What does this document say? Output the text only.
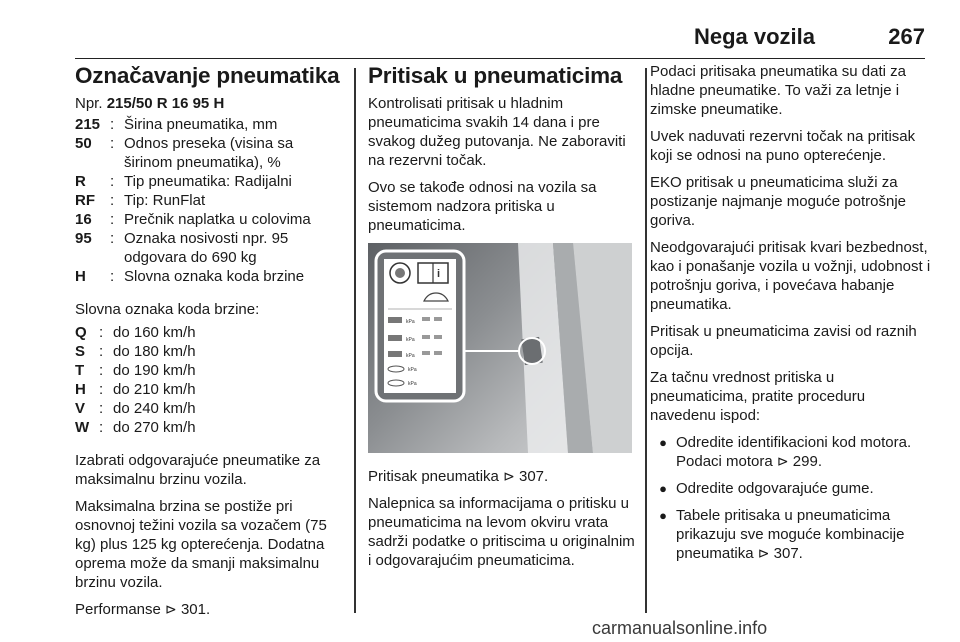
Nega vozila	267
Označavanje pneumatika

Npr. 215/50 R 16 95 H

215 : Širina pneumatika, mm
50	: Odnos preseka (visina sa širinom pneumatika), %
R	: Tip pneumatika: Radijalni
RF	: Tip: RunFlat
16	: Prečnik naplatka u colovima
95	: Oznaka nosivosti npr. 95 odgovara do 690 kg
H	: Slovna oznaka koda brzine

Slovna oznaka koda brzine:

Q : do 160 km/h
S : do 180 km/h
T : do 190 km/h
H : do 210 km/h
V : do 240 km/h
W : do 270 km/h

Izabrati odgovarajuće pneumatike za maksimalnu brzinu vozila.

Maksimalna brzina se postiže pri osnovnoj težini vozila sa vozačem (75 kg) plus 125 kg opterećenja. Dodatna oprema može da smanji maksimalnu brzinu vozila.

Performanse ⊳ 301.

Pritisak u pneumaticima

Kontrolisati pritisak u hladnim pneumaticima svakih 14 dana i pre svakog dužeg putovanja. Ne zaboraviti na rezervni točak.

Ovo se takođe odnosi na vozila sa sistemom nadzora pritiska u pneumaticima.

i
kPa
kPa
kPa
kPa
kPa

Pritisak pneumatika ⊳ 307.

Nalepnica sa informacijama o pritisku u pneumaticima na levom okviru vrata sadrži podatke o pritiscima u originalnim i odgovarajućim pneumaticima.

Podaci pritisaka pneumatika su dati za hladne pneumatike. To važi za letnje i zimske pneumatike.

Uvek naduvati rezervni točak na pritisak koji se odnosi na puno opterećenje.

EKO pritisak u pneumaticima služi za postizanje najmanje moguće potrošnje goriva.

Neodgovarajući pritisak kvari bezbednost, kao i ponašanje vozila u vožnji, udobnost i potrošnju goriva, i povećava habanje pneumatika.

Pritisak u pneumaticima zavisi od raznih opcija.

Za tačnu vrednost pritiska u pneumaticima, pratite proceduru navedenu ispod:

● Odredite identifikacioni kod motora. Podaci motora ⊳ 299.
● Odredite odgovarajuće gume.
● Tabele pritisaka u pneumaticima prikazuju sve moguće kombinacije pneumatika ⊳ 307.
carmanualsonline.info
